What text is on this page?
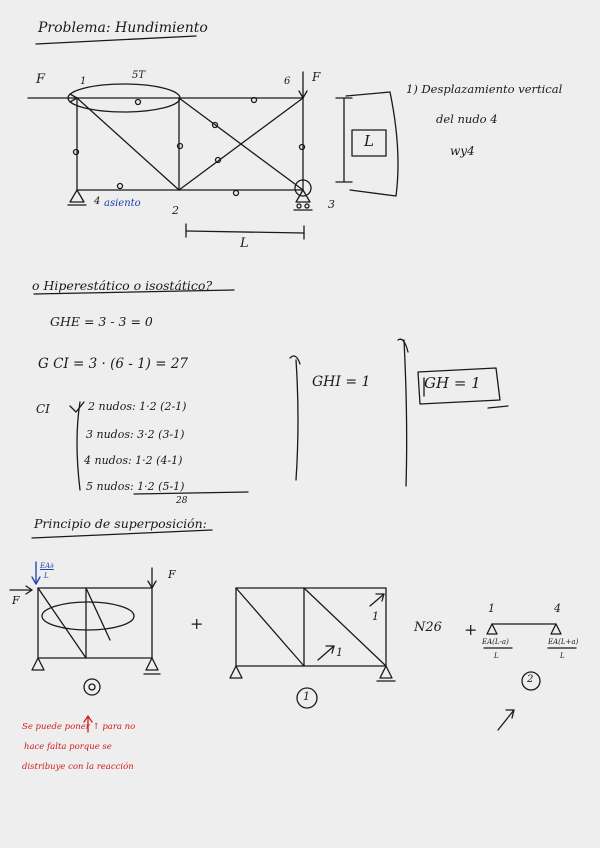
Problema: Hundimiento
F	F
1	6
5T
2	3
4 asiento
L
L
1) Desplazamiento vertical
del nudo 4
wy4
o Hiperestático o isostático?
GHE = 3 - 3 = 0
G CI = 3 · (6 - 1) = 27
CI	2 nudos: 1·2 (2-1)
3 nudos: 3·2 (3-1)
4 nudos: 1·2 (4-1)
5 nudos: 1·2 (5-1)
28
GHI = 1	GH = 1
Principio de superposición:
EA∂
L
F
F
+	1
1
1
N26 +
1	4
EA(L-a)
L
EA(L+a)
L
2
Se puede poner ↑ para no
hace falta porque se
distribuye con la reacción
